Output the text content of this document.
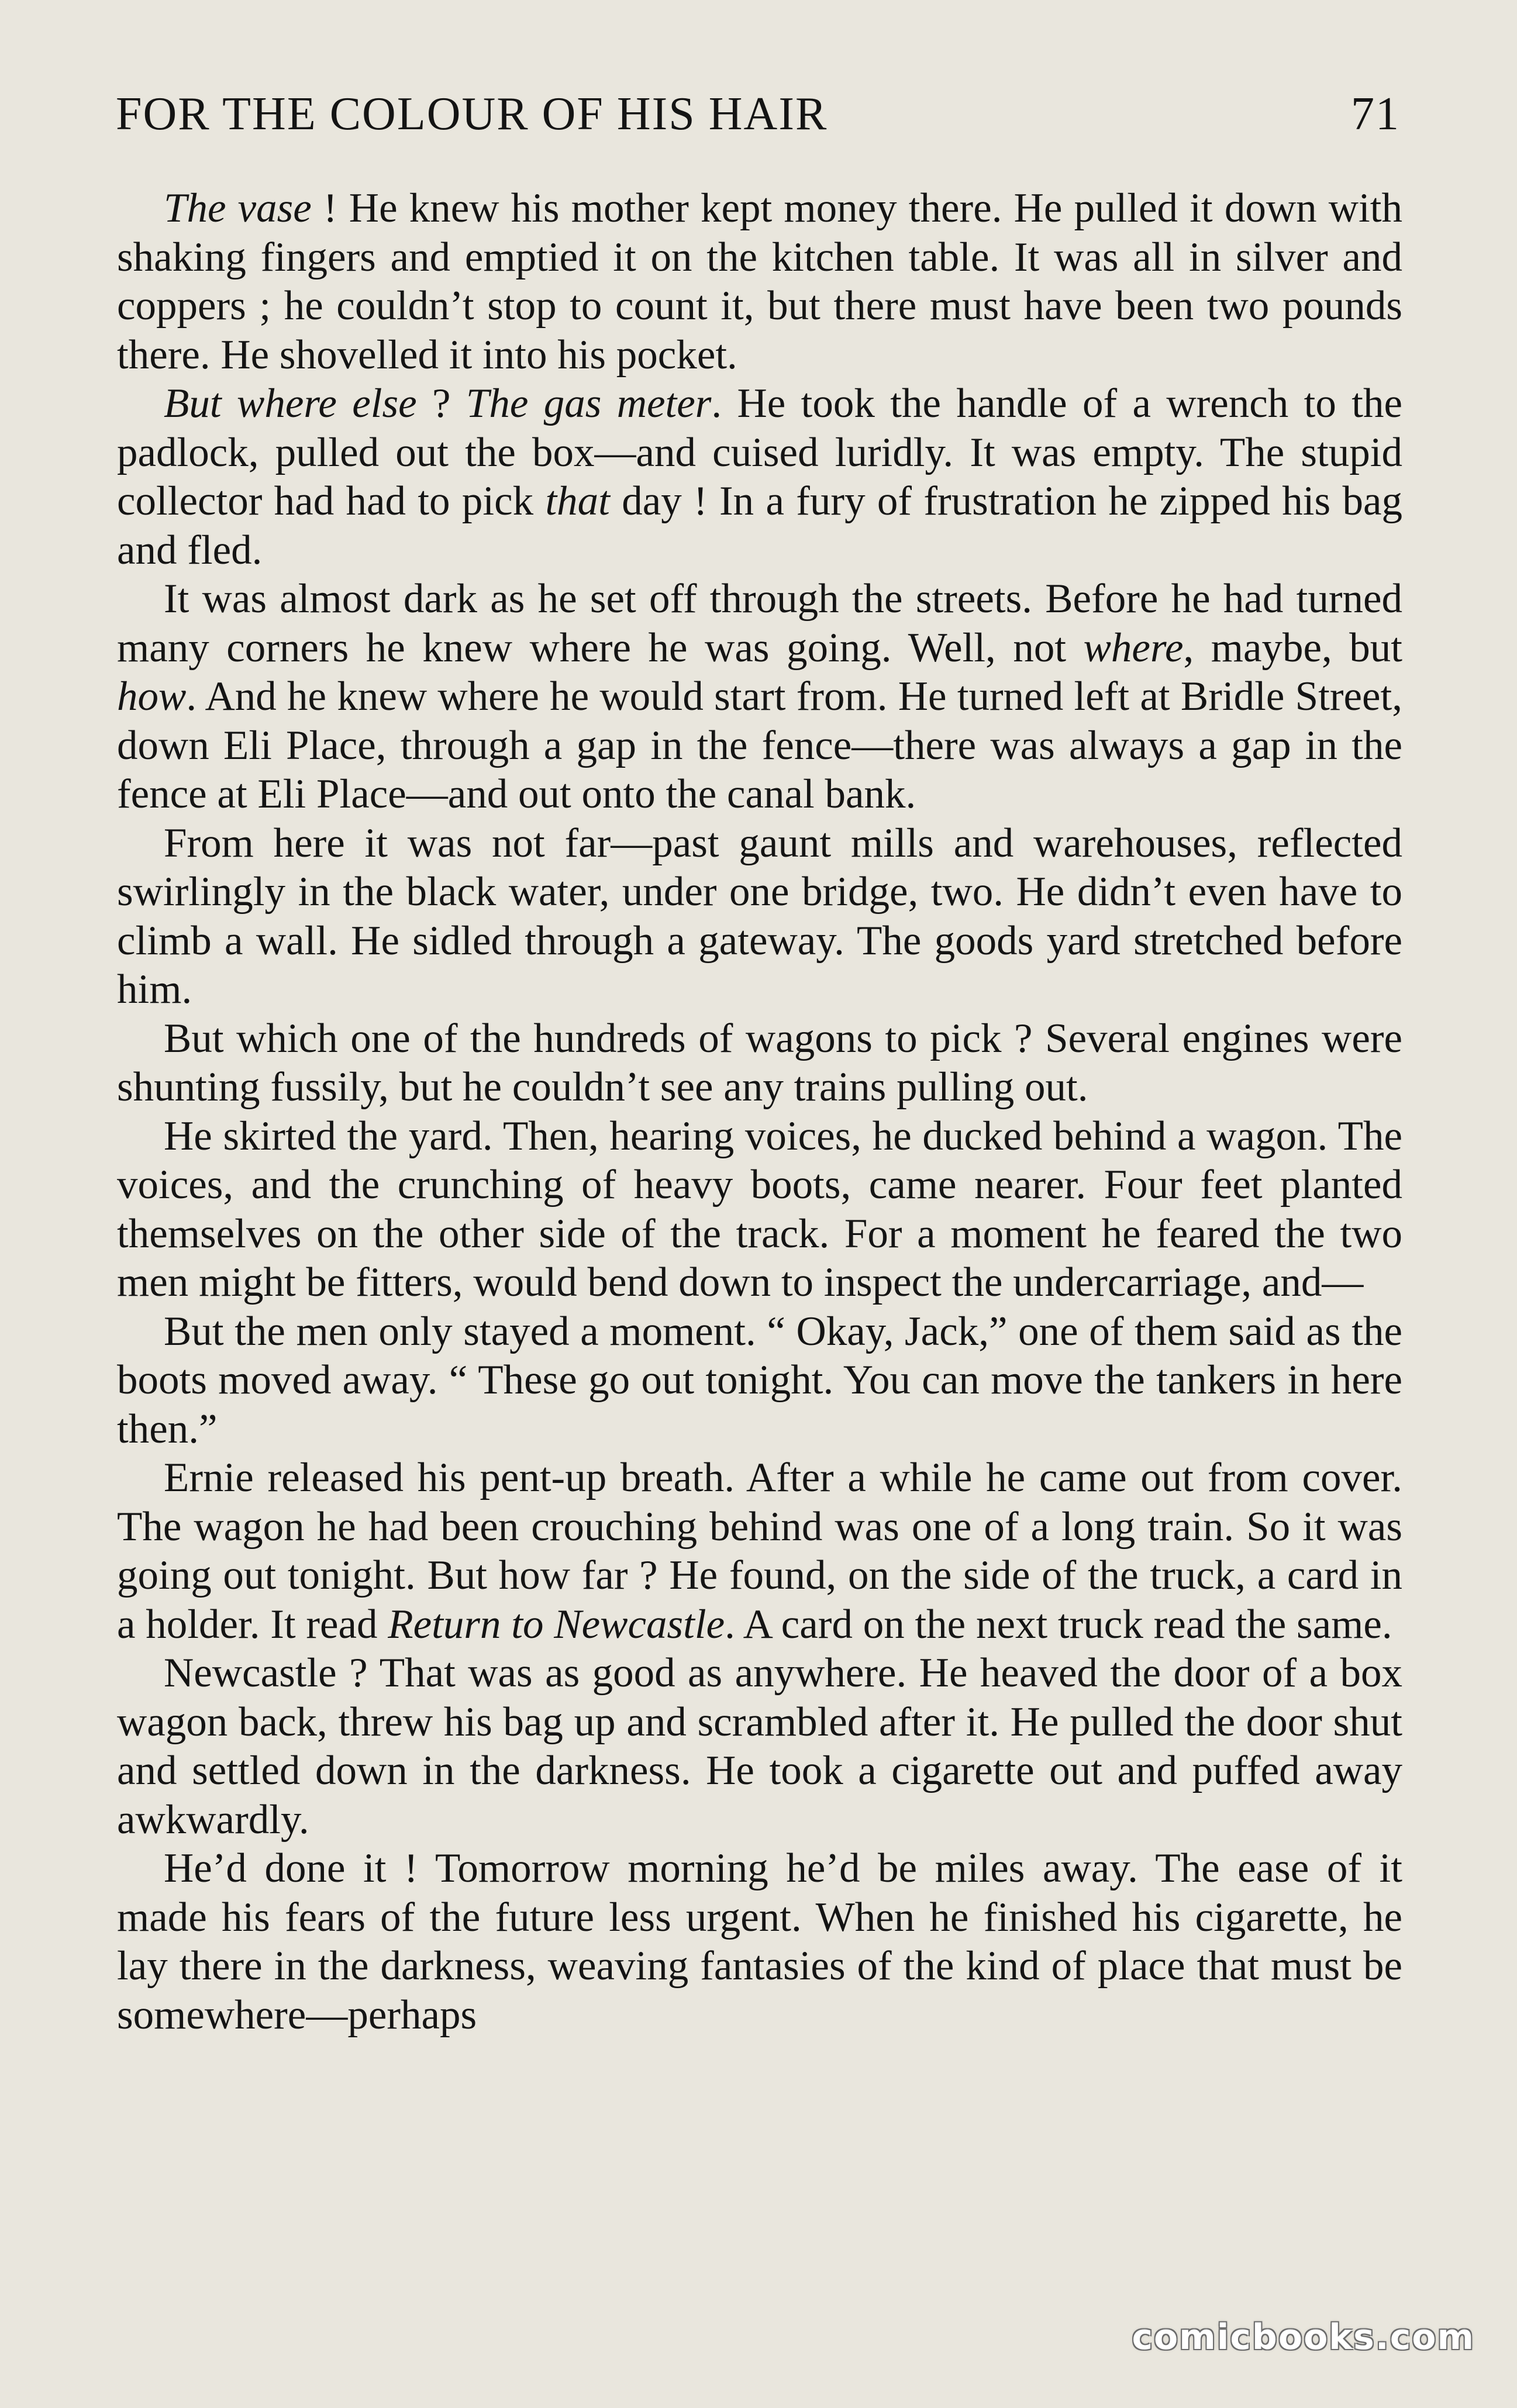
FOR THE COLOUR OF HIS HAIR	71

The vase ! He knew his mother kept money there. He pulled it down with shaking fingers and emptied it on the kitchen table. It was all in silver and coppers ; he couldn’t stop to count it, but there must have been two pounds there. He shovelled it into his pocket.

But where else ? The gas meter. He took the handle of a wrench to the padlock, pulled out the box—and cuised luridly. It was empty. The stupid collector had had to pick that day ! In a fury of frustration he zipped his bag and fled.

It was almost dark as he set off through the streets. Before he had turned many corners he knew where he was going. Well, not where, maybe, but how. And he knew where he would start from. He turned left at Bridle Street, down Eli Place, through a gap in the fence—there was always a gap in the fence at Eli Place—and out onto the canal bank.

From here it was not far—past gaunt mills and warehouses, reflected swirlingly in the black water, under one bridge, two. He didn’t even have to climb a wall. He sidled through a gateway. The goods yard stretched before him.

But which one of the hundreds of wagons to pick ? Several engines were shunting fussily, but he couldn’t see any trains pulling out.

He skirted the yard. Then, hearing voices, he ducked behind a wagon. The voices, and the crunching of heavy boots, came nearer. Four feet planted themselves on the other side of the track. For a moment he feared the two men might be fitters, would bend down to inspect the undercarriage, and—

But the men only stayed a moment. “ Okay, Jack,” one of them said as the boots moved away. “ These go out tonight. You can move the tankers in here then.”

Ernie released his pent-up breath. After a while he came out from cover. The wagon he had been crouching behind was one of a long train. So it was going out tonight. But how far ? He found, on the side of the truck, a card in a holder. It read Return to Newcastle. A card on the next truck read the same.

Newcastle ? That was as good as anywhere. He heaved the door of a box wagon back, threw his bag up and scrambled after it. He pulled the door shut and settled down in the darkness. He took a cigarette out and puffed away awkwardly.

He’d done it ! Tomorrow morning he’d be miles away. The ease of it made his fears of the future less urgent. When he finished his cigarette, he lay there in the darkness, weaving fantasies of the kind of place that must be somewhere—perhaps

comicbooks.com
